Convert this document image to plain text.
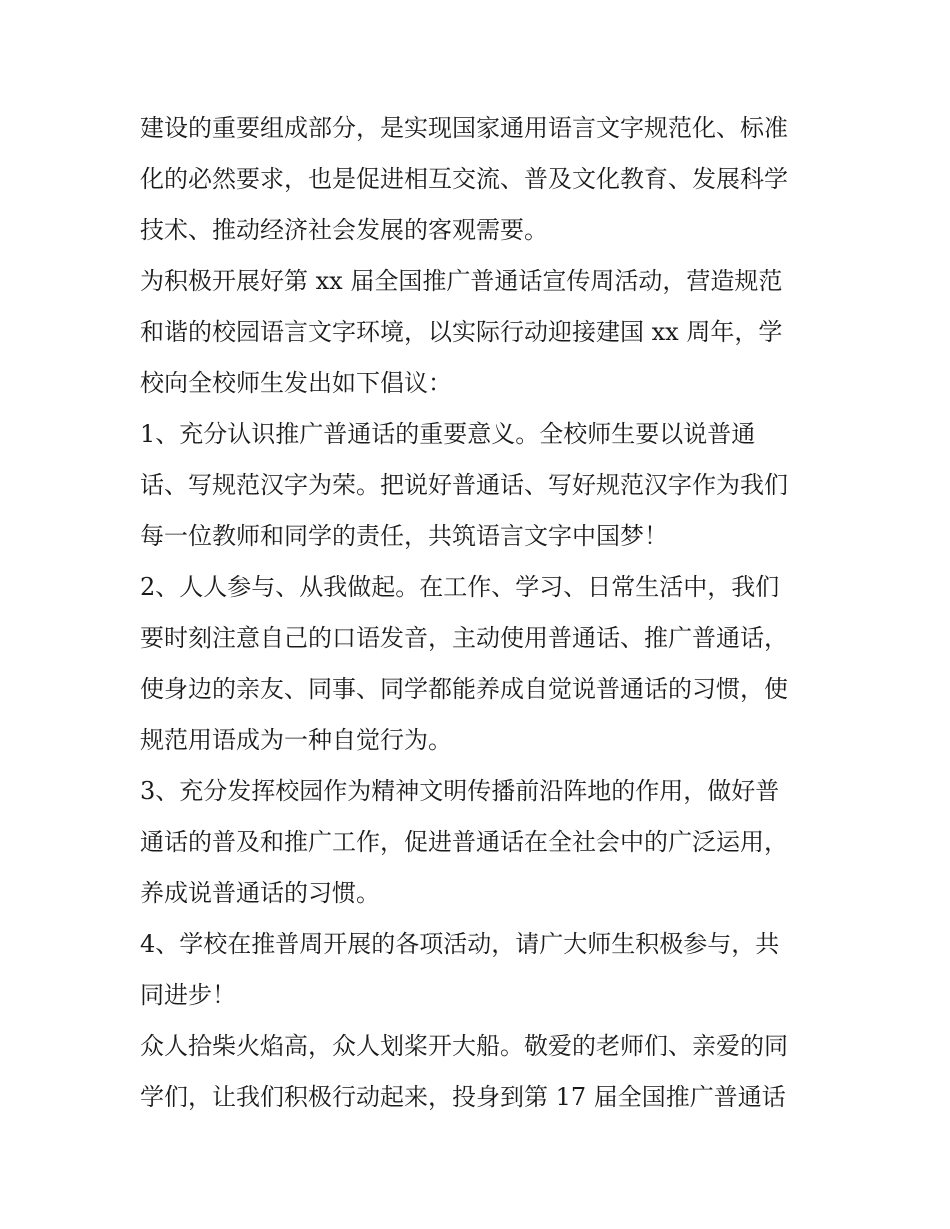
建设的重要组成部分，是实现国家通用语言文字规范化、标准
化的必然要求，也是促进相互交流、普及文化教育、发展科学
技术、推动经济社会发展的客观需要。
为积极开展好第 xx 届全国推广普通话宣传周活动，营造规范
和谐的校园语言文字环境，以实际行动迎接建国 xx 周年，学
校向全校师生发出如下倡议：
1、充分认识推广普通话的重要意义。全校师生要以说普通
话、写规范汉字为荣。把说好普通话、写好规范汉字作为我们
每一位教师和同学的责任，共筑语言文字中国梦！
2、人人参与、从我做起。在工作、学习、日常生活中，我们
要时刻注意自己的口语发音，主动使用普通话、推广普通话，
使身边的亲友、同事、同学都能养成自觉说普通话的习惯，使
规范用语成为一种自觉行为。
3、充分发挥校园作为精神文明传播前沿阵地的作用，做好普
通话的普及和推广工作，促进普通话在全社会中的广泛运用，
养成说普通话的习惯。
4、学校在推普周开展的各项活动，请广大师生积极参与，共
同进步！
众人拾柴火焰高，众人划桨开大船。敬爱的老师们、亲爱的同
学们，让我们积极行动起来，投身到第 17 届全国推广普通话
